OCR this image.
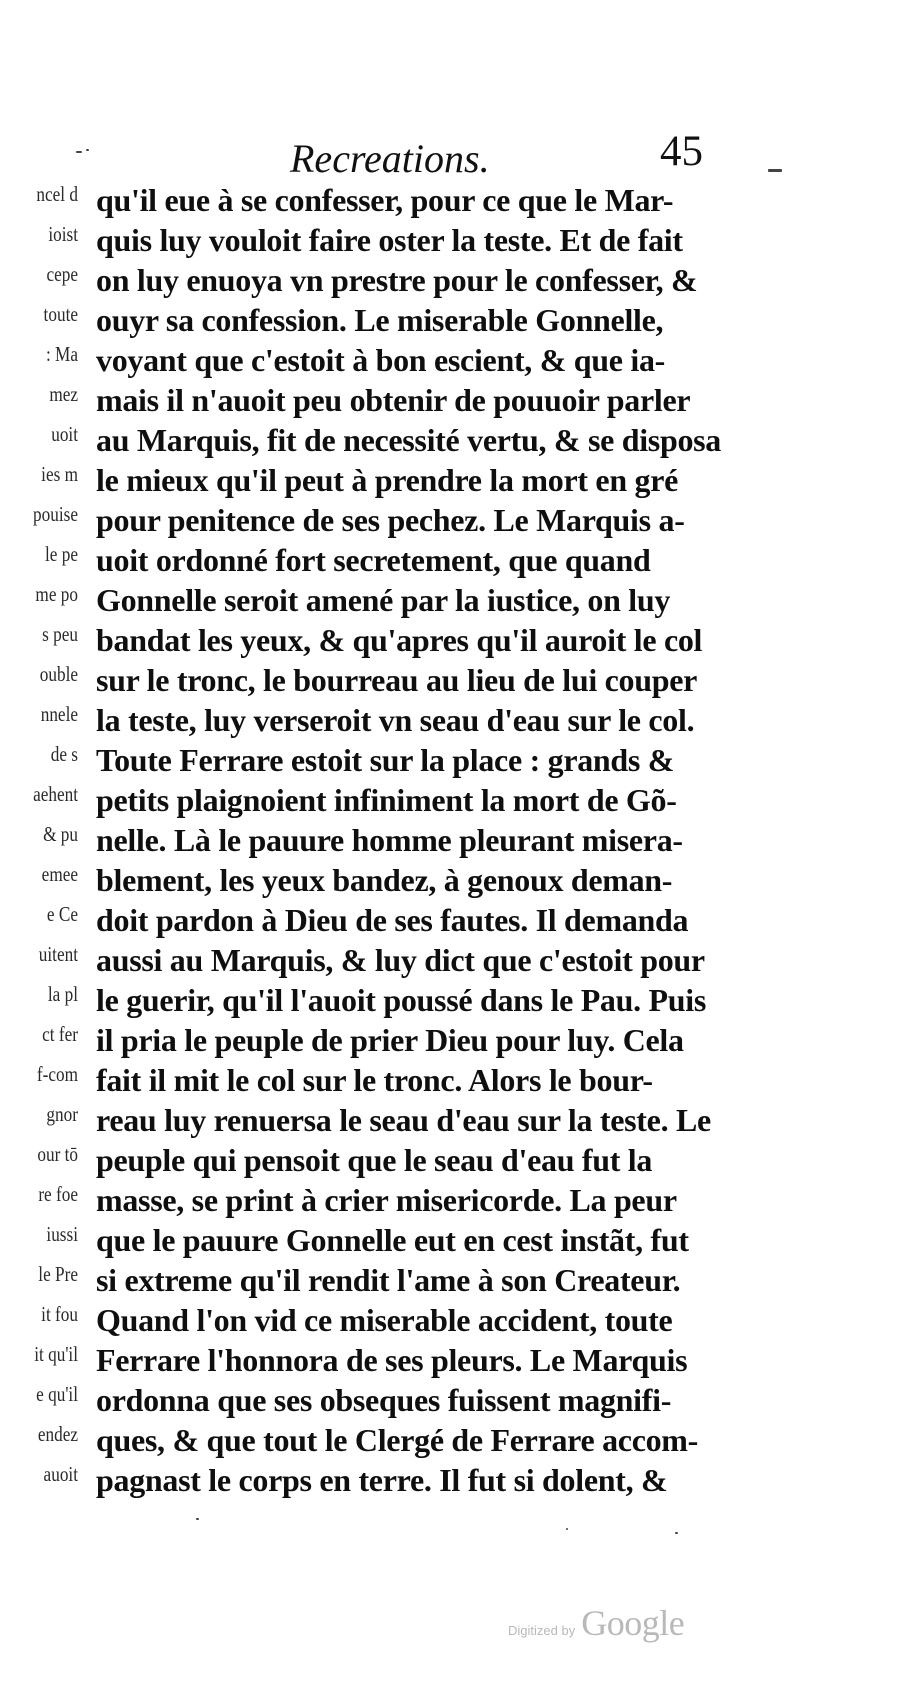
Recreations.	45
ncel d
ioist
cepe
toute
: Ma
mez
uoit
ies m
pouise
le pe
me po
s peu
ouble
nnele
de s
aehent
& pu
emee
e Ce
uitent
la pl
ct fer
f-com
gnor
our tō
re foe
iussi
le Pre
it fou
it qu'il
e qu'il
endez
auoit
qu'il eue à se confesser, pour ce que le Mar-
quis luy vouloit faire oster la teste. Et de fait
on luy enuoya vn prestre pour le confesser, &
ouyr sa confession. Le miserable Gonnelle,
voyant que c'estoit à bon escient, & que ia-
mais il n'auoit peu obtenir de pouuoir parler
au Marquis, fit de necessité vertu, & se disposa
le mieux qu'il peut à prendre la mort en gré
pour penitence de ses pechez. Le Marquis a-
uoit ordonné fort secretement, que quand
Gonnelle seroit amené par la iustice, on luy
bandat les yeux, & qu'apres qu'il auroit le col
sur le tronc, le bourreau au lieu de lui couper
la teste, luy verseroit vn seau d'eau sur le col.
Toute Ferrare estoit sur la place : grands &
petits plaignoient infiniment la mort de Gõ-
nelle. Là le pauure homme pleurant misera-
blement, les yeux bandez, à genoux deman-
doit pardon à Dieu de ses fautes. Il demanda
aussi au Marquis, & luy dict que c'estoit pour
le guerir, qu'il l'auoit poussé dans le Pau. Puis
il pria le peuple de prier Dieu pour luy. Cela
fait il mit le col sur le tronc. Alors le bour-
reau luy renuersa le seau d'eau sur la teste. Le
peuple qui pensoit que le seau d'eau fut la
masse, se print à crier misericorde. La peur
que le pauure Gonnelle eut en cest instãt, fut
si extreme qu'il rendit l'ame à son Createur.
Quand l'on vid ce miserable accident, toute
Ferrare l'honnora de ses pleurs. Le Marquis
ordonna que ses obseques fuissent magnifi-
ques, & que tout le Clergé de Ferrare accom-
pagnast le corps en terre. Il fut si dolent, &
Digitized by Google
